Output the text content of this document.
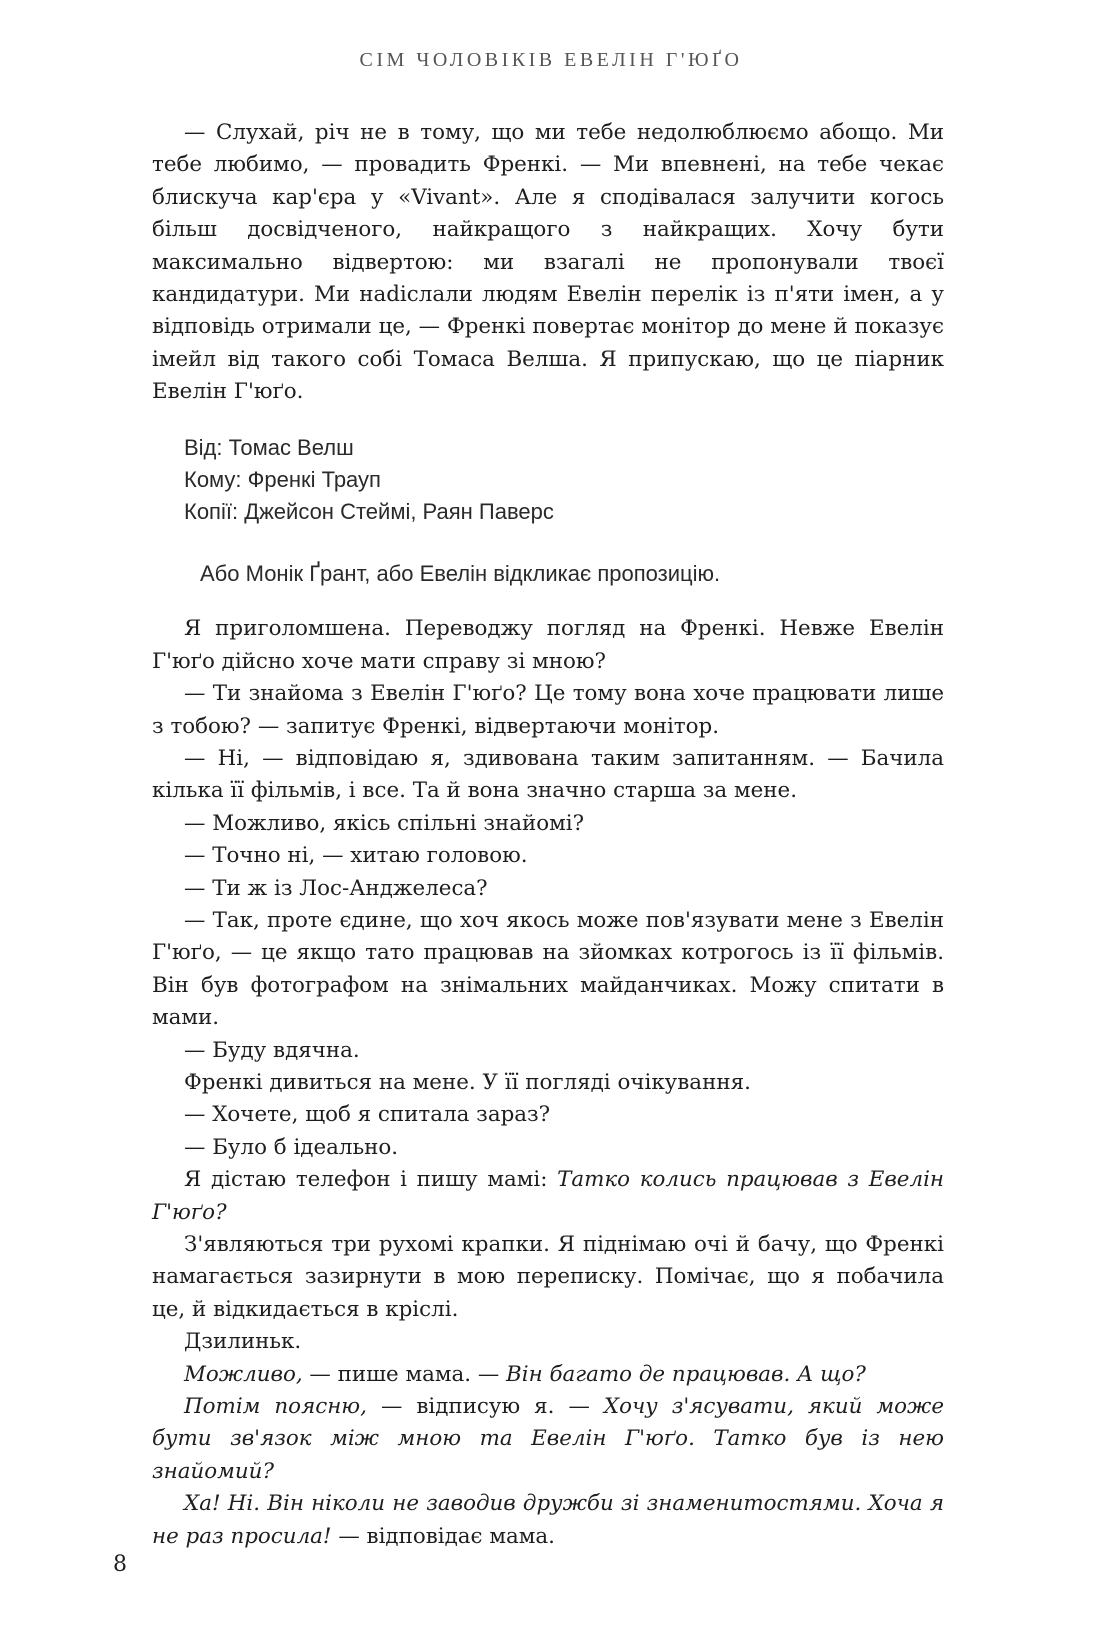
СІМ ЧОЛОВІКІВ ЕВЕЛІН Г'ЮҐО

— Слухай, річ не в тому, що ми тебе недолюблюємо абощо. Ми тебе любимо, — провадить Френкі. — Ми впевнені, на тебе чекає блискуча кар'єра у «Vivant». Але я сподівалася залучити когось більш досвідченого, найкращого з найкращих. Хочу бути максимально відвертою: ми взагалі не пропонували твоєї кандидатури. Ми наdіслали людям Евелін перелік із п'яти імен, а у відповідь отримали це, — Френкі повертає монітор до мене й показує імейл від такого собі Томаса Велша. Я припускаю, що це піарник Евелін Г'юґо.

Від: Томас Велш
Кому: Френкі Трауп
Копії: Джейсон Стеймі, Раян Паверс
Або Монік Ґрант, або Евелін відкликає пропозицію.

Я приголомшена. Переводжу погляд на Френкі. Невже Евелін Г'юґо дійсно хоче мати справу зі мною?

— Ти знайома з Евелін Г'юґо? Це тому вона хоче працювати лише з тобою? — запитує Френкі, відвертаючи монітор.

— Ні, — відповідаю я, здивована таким запитанням. — Бачила кілька її фільмів, і все. Та й вона значно старша за мене.

— Можливо, якісь спільні знайомі?

— Точно ні, — хитаю головою.

— Ти ж із Лос-Анджелеса?

— Так, проте єдине, що хоч якось може пов'язувати мене з Евелін Г'юґо, — це якщо тато працював на зйомках котрогось із її фільмів. Він був фотографом на знімальних майданчиках. Можу спитати в мами.

— Буду вдячна.

Френкі дивиться на мене. У її погляді очікування.

— Хочете, щоб я спитала зараз?

— Було б ідеально.

Я дістаю телефон і пишу мамі: Татко колись працював з Евелін Г'юґо?

З'являються три рухомі крапки. Я піднімаю очі й бачу, що Френкі намагається зазирнути в мою переписку. Помічає, що я побачила це, й відкидається в кріслі.

Дзилиньк.

Можливо, — пише мама. — Він багато де працював. А що?

Потім поясню, — відписую я. — Хочу з'ясувати, який може бути зв'язок між мною та Евелін Г'юґо. Татко був із нею знайомий?

Ха! Ні. Він ніколи не заводив дружби зі знаменитостями. Хоча я не раз просила! — відповідає мама.

8
